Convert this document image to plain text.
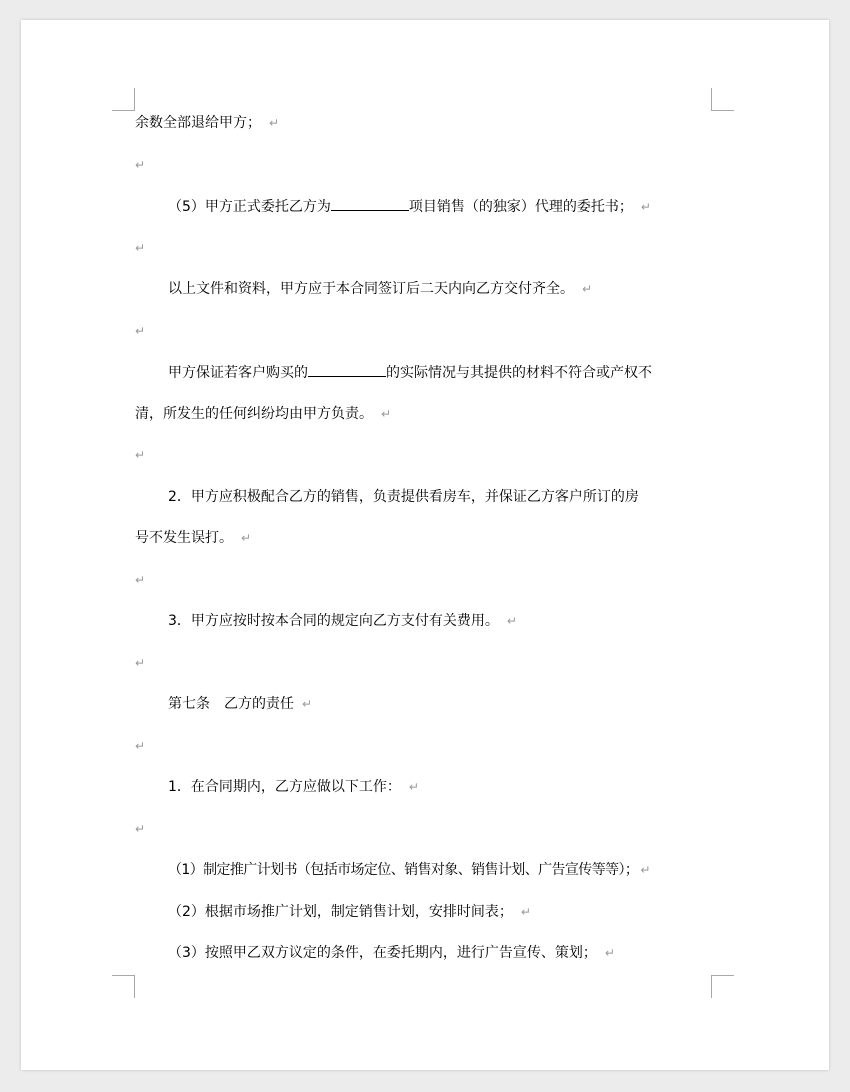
余数全部退给甲方； ↵
↵
（5）甲方正式委托乙方为	项目销售（的独家）代理的委托书； ↵
↵
以上文件和资料，甲方应于本合同签订后二天内向乙方交付齐全。 ↵
↵
甲方保证若客户购买的	的实际情况与其提供的材料不符合或产权不
清，所发生的任何纠纷均由甲方负责。 ↵
↵
2．甲方应积极配合乙方的销售，负责提供看房车，并保证乙方客户所订的房
号不发生误打。 ↵
↵
3．甲方应按时按本合同的规定向乙方支付有关费用。 ↵
↵
第七条　乙方的责任 ↵
↵
1．在合同期内，乙方应做以下工作： ↵
↵
（1）制定推广计划书（包括市场定位、销售对象、销售计划、广告宣传等等）； ↵
（2）根据市场推广计划，制定销售计划，安排时间表； ↵
（3）按照甲乙双方议定的条件，在委托期内，进行广告宣传、策划； ↵
